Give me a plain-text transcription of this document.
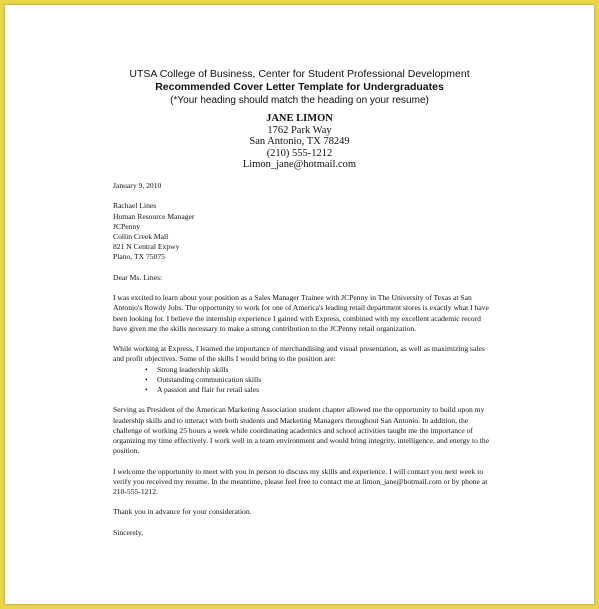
UTSA College of Business, Center for Student Professional Development
Recommended Cover Letter Template for Undergraduates
(*Your heading should match the heading on your resume)
JANE LIMON
1762 Park Way
San Antonio, TX 78249
(210) 555-1212
Limon_jane@hotmail.com

January 9, 2010

Rachael Lines
Human Resource Manager
JCPenny
Collin Creek Mall
821 N Central Expwy
Plano, TX 75075

Dear Ms. Lines:

I was excited to learn about your position as a Sales Manager Trainee with JCPenny in The University of Texas at San Antonio's Rowdy Jobs. The opportunity to work for one of America's leading retail department stores is exactly what I have been looking for. I believe the internship experience I gained with Express, combined with my excellent academic record have given me the skills necessary to make a strong contribution to the JCPenny retail organization.

While working at Express, I learned the importance of merchandising and visual presentation, as well as maximizing sales and profit objectives. Some of the skills I would bring to the position are:

• Strong leadership skills
• Outstanding communication skills
• A passion and flair for retail sales

Serving as President of the American Marketing Association student chapter allowed me the opportunity to build upon my leadership skills and to interact with both students and Marketing Managers throughout San Antonio. In addition, the challenge of working 25 hours a week while coordinating academics and school activities taught me the importance of organizing my time effectively. I work well in a team environment and would bring integrity, intelligence, and energy to the position.

I welcome the opportunity to meet with you in person to discuss my skills and experience. I will contact you next week to verify you received my resume. In the meantime, please feel free to contact me at limon_jane@hotmail.com or by phone at 210-555-1212.

Thank you in advance for your consideration.

Sincerely,
